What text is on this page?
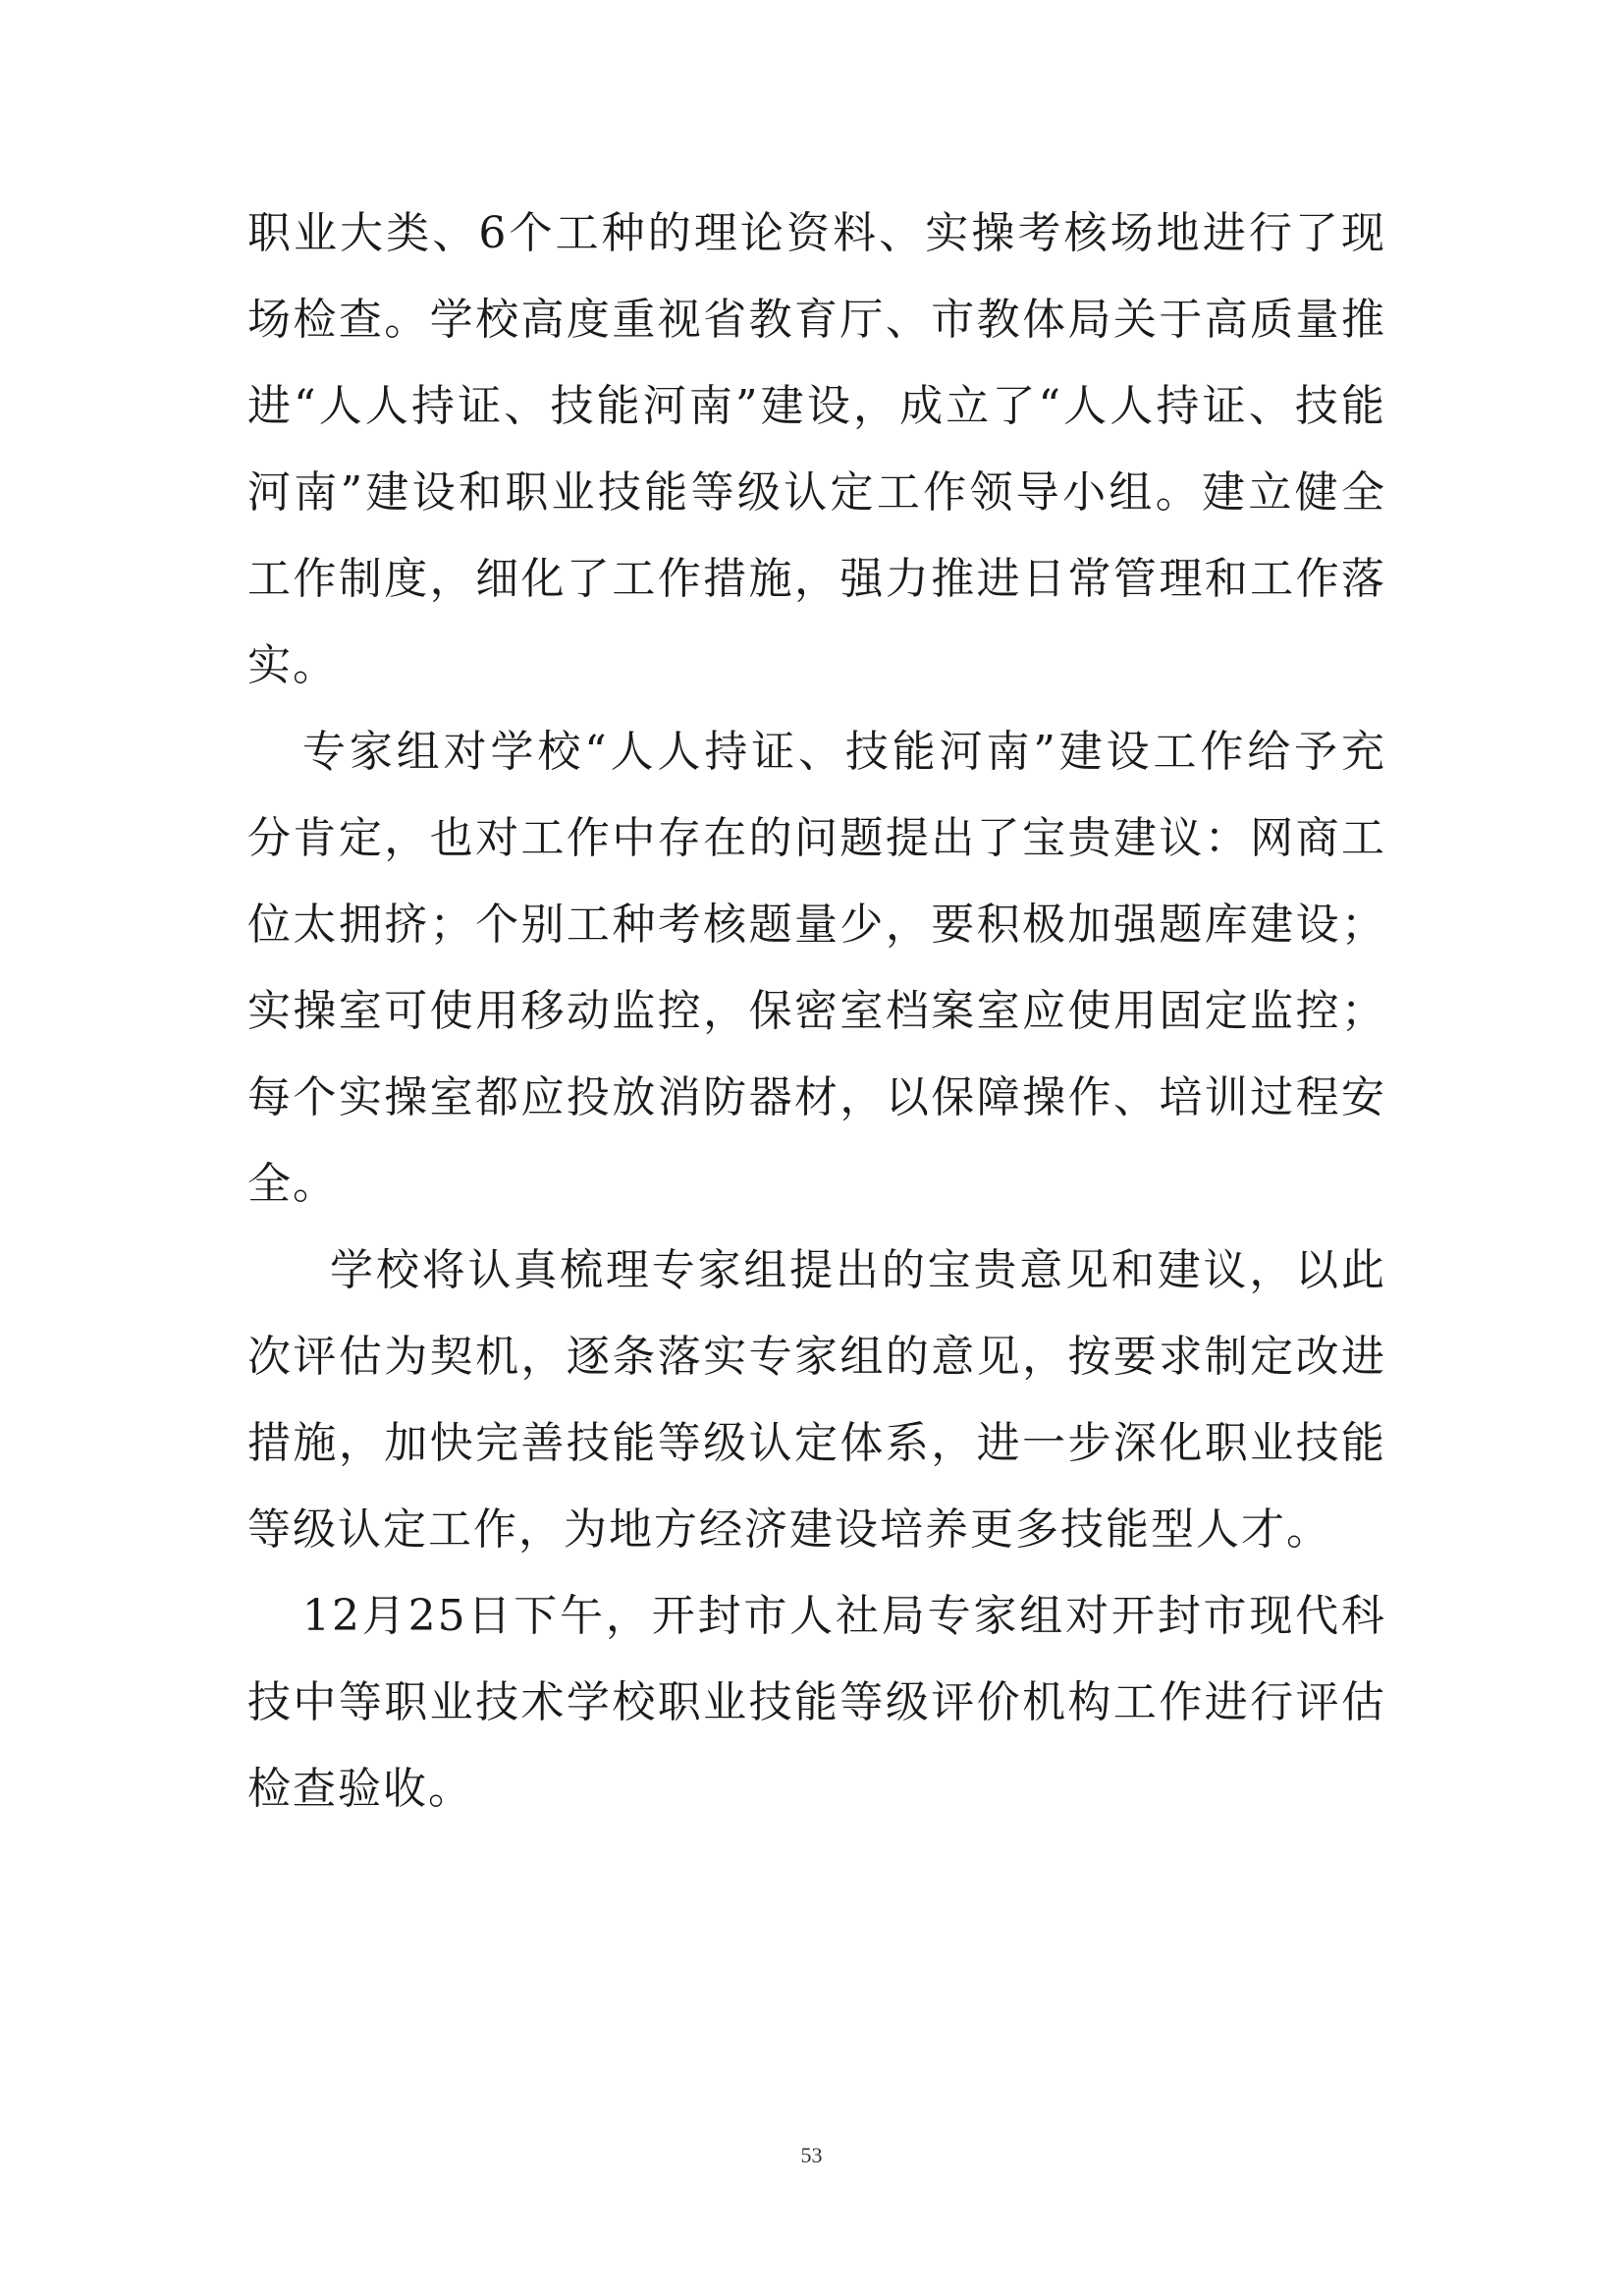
职业大类、6个工种的理论资料、实操考核场地进行了现场检查。学校高度重视省教育厅、市教体局关于高质量推进“人人持证、技能河南”建设，成立了“人人持证、技能河南”建设和职业技能等级认定工作领导小组。建立健全工作制度，细化了工作措施，强力推进日常管理和工作落实。

专家组对学校“人人持证、技能河南”建设工作给予充分肯定，也对工作中存在的问题提出了宝贵建议：网商工位太拥挤；个别工种考核题量少，要积极加强题库建设；实操室可使用移动监控，保密室档案室应使用固定监控；每个实操室都应投放消防器材，以保障操作、培训过程安全。

学校将认真梳理专家组提出的宝贵意见和建议，以此次评估为契机，逐条落实专家组的意见，按要求制定改进措施，加快完善技能等级认定体系，进一步深化职业技能等级认定工作，为地方经济建设培养更多技能型人才。

12月25日下午，开封市人社局专家组对开封市现代科技中等职业技术学校职业技能等级评价机构工作进行评估检查验收。

53
